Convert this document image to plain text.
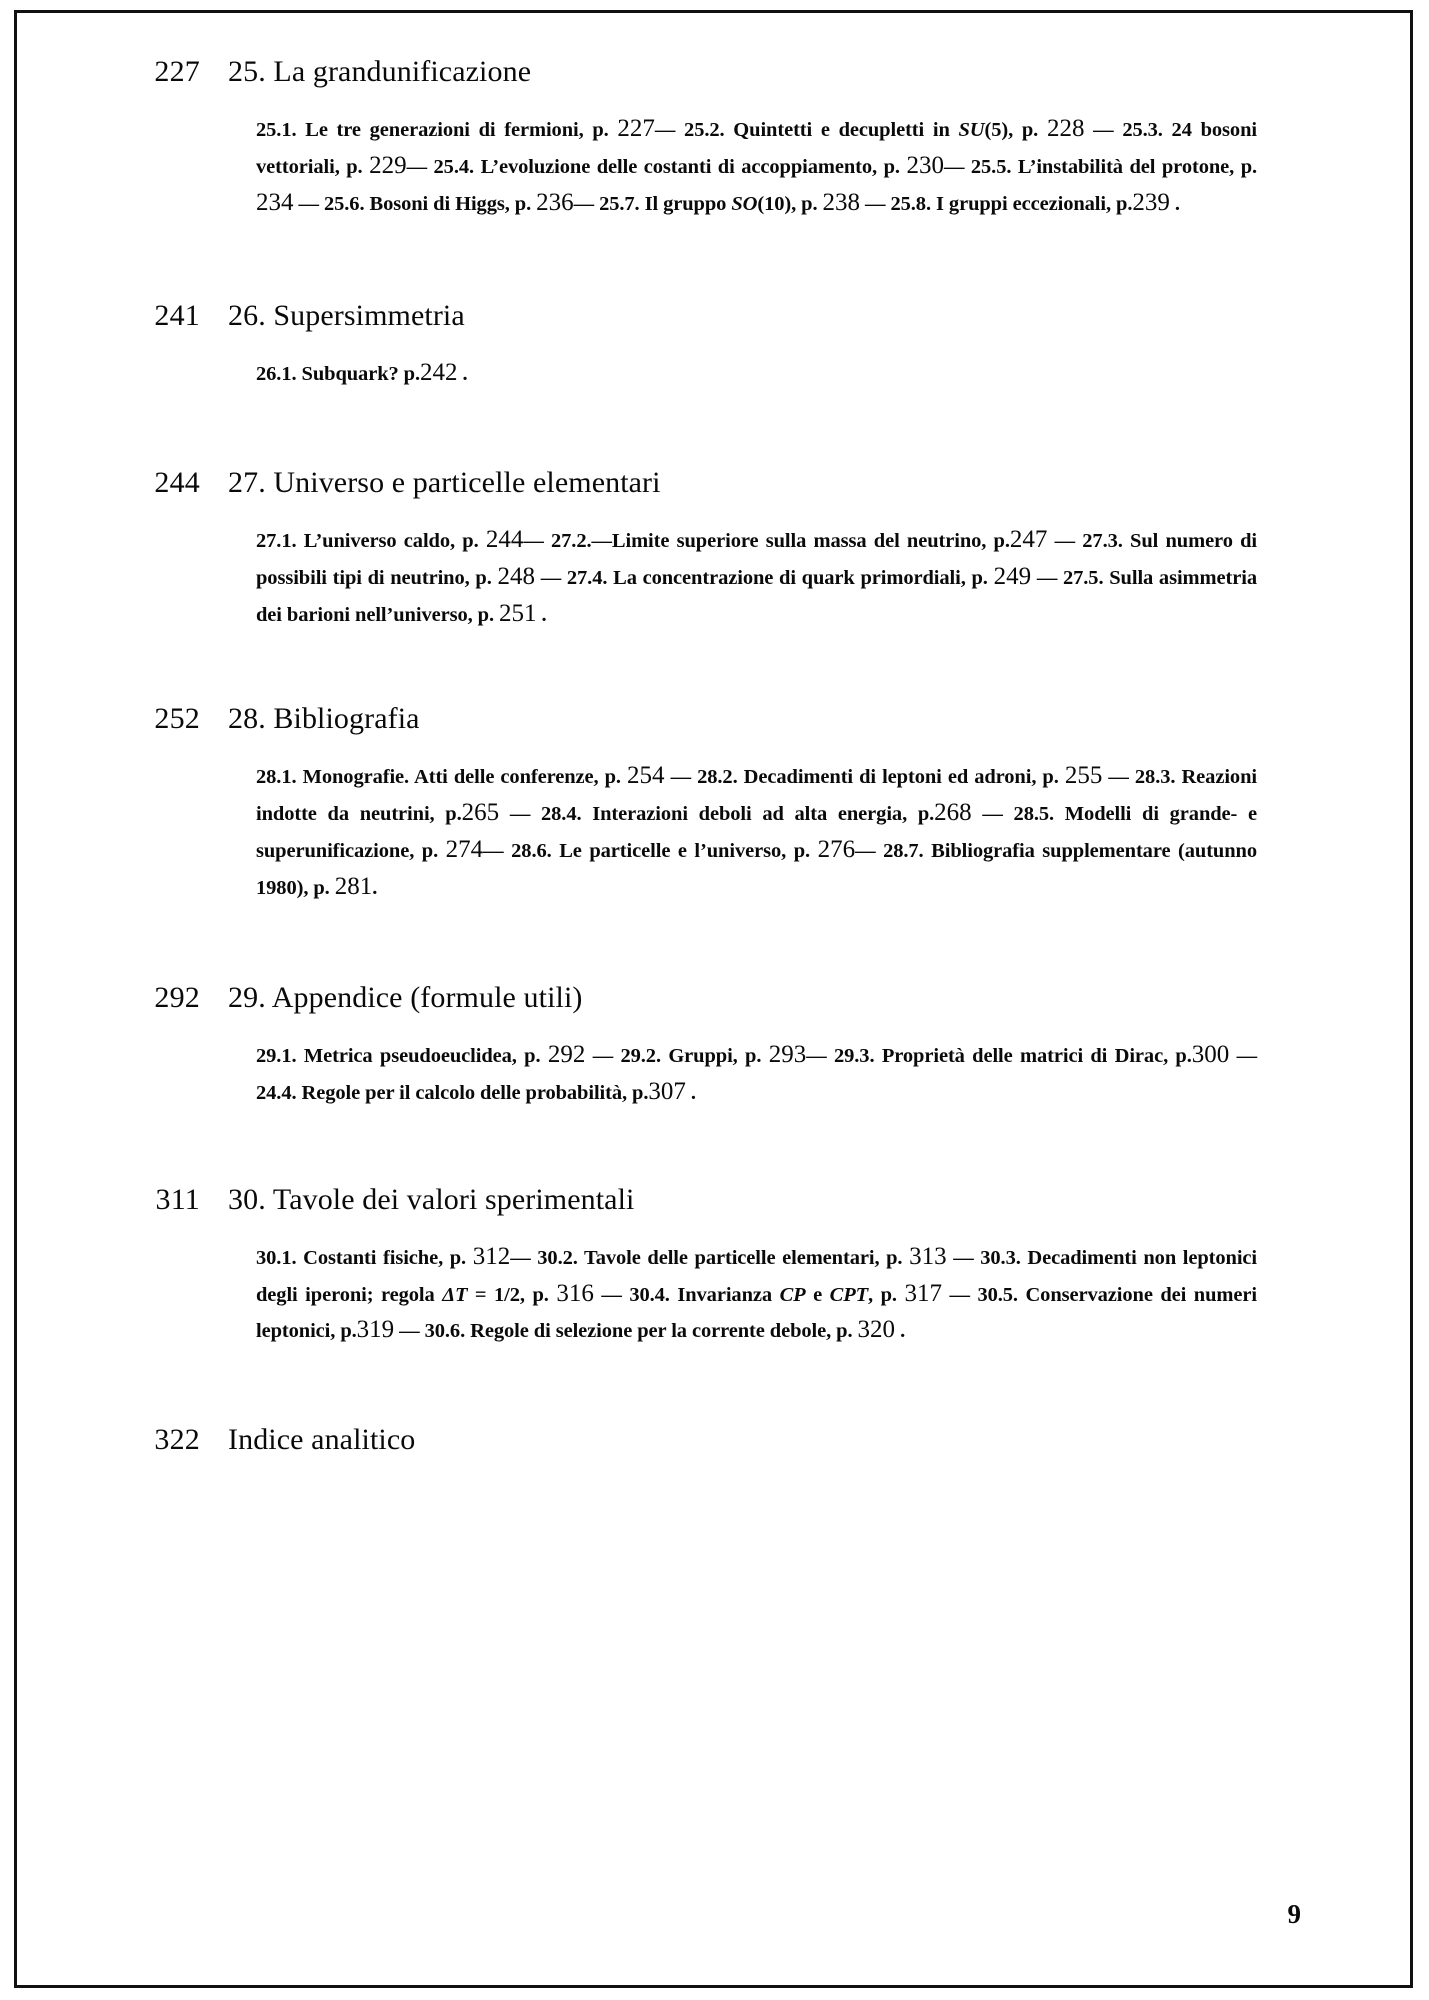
227 25. La grandunificazione
25.1. Le tre generazioni di fermioni, p. 227— 25.2. Quintetti e decupletti in SU(5), p. 228 — 25.3. 24 bosoni vettoriali, p. 229— 25.4. L’evoluzione delle costanti di accoppiamento, p. 230— 25.5. L’instabilità del protone, p. 234 — 25.6. Bosoni di Higgs, p. 236— 25.7. Il gruppo SO(10), p. 238 — 25.8. I gruppi eccezionali, p.239 .
241 26. Supersimmetria
26.1. Subquark? p.242 .
244 27. Universo e particelle elementari
27.1. L’universo caldo, p. 244— 27.2.—Limite superiore sulla massa del neutrino, p.247 — 27.3. Sul numero di possibili tipi di neutrino, p. 248 — 27.4. La concentrazione di quark primordiali, p. 249 — 27.5. Sulla asimmetria dei barioni nell’universo, p. 251 .
252 28. Bibliografia
28.1. Monografie. Atti delle conferenze, p. 254 — 28.2. Decadimenti di leptoni ed adroni, p. 255 — 28.3. Reazioni indotte da neutrini, p.265 — 28.4. Interazioni deboli ad alta energia, p.268 — 28.5. Modelli di grande- e superunificazione, p. 274— 28.6. Le particelle e l’universo, p. 276— 28.7. Bibliografia supplementare (autunno 1980), p. 281.
292 29. Appendice (formule utili)
29.1. Metrica pseudoeuclidea, p. 292 — 29.2. Gruppi, p. 293— 29.3. Proprietà delle matrici di Dirac, p.300 — 24.4. Regole per il calcolo delle probabilità, p.307 .
311 30. Tavole dei valori sperimentali
30.1. Costanti fisiche, p. 312— 30.2. Tavole delle particelle elementari, p. 313 — 30.3. Decadimenti non leptonici degli iperoni; regola ΔT = 1/2, p. 316 — 30.4. Invarianza CP e CPT, p. 317 — 30.5. Conservazione dei numeri leptonici, p.319 — 30.6. Regole di selezione per la corrente debole, p. 320 .
322 Indice analitico
9
